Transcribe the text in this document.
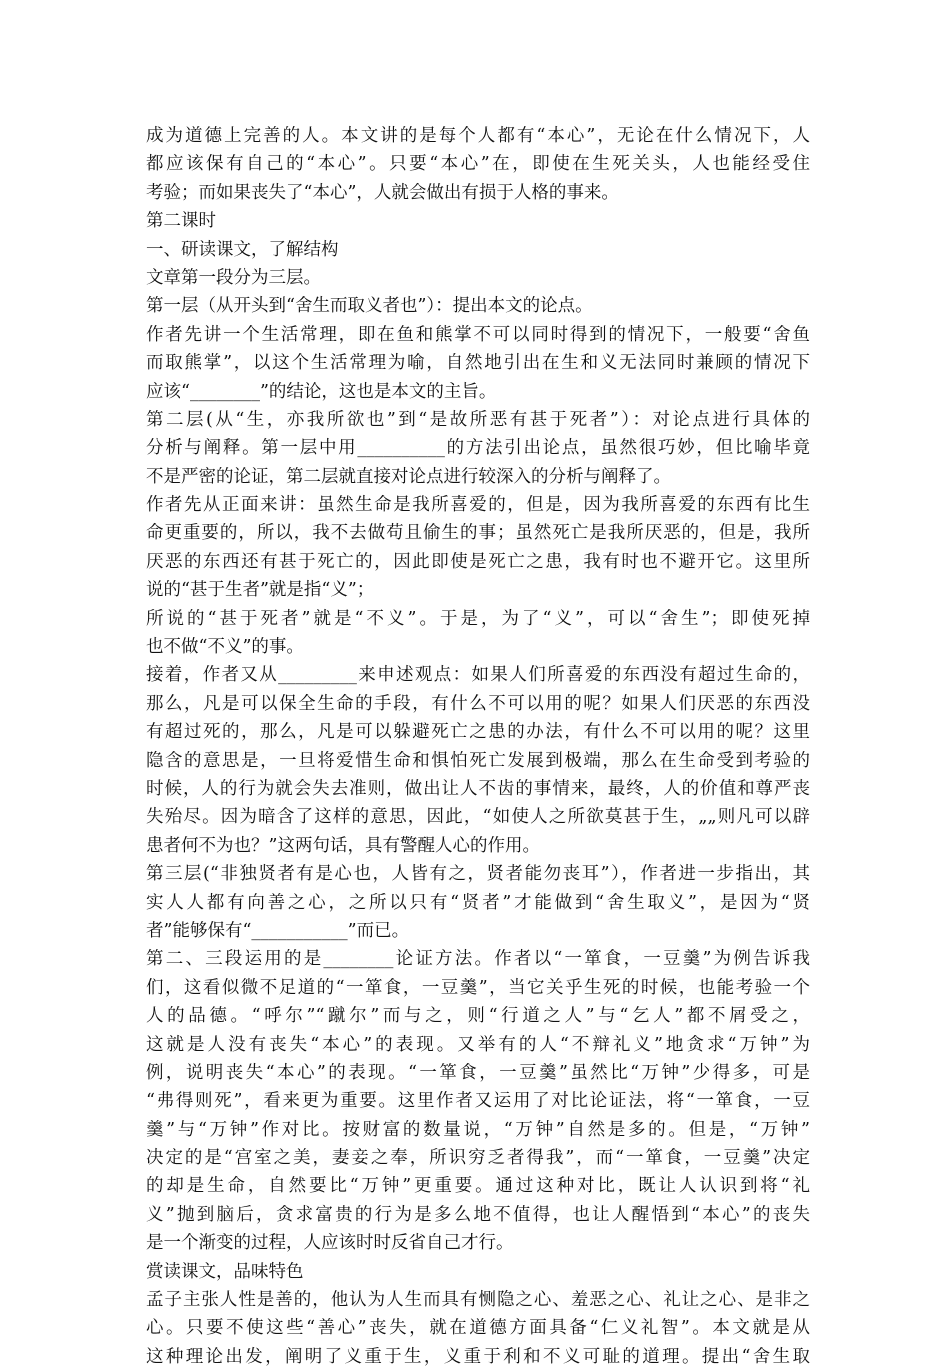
成为道德上完善的人。本文讲的是每个人都有“本心”，无论在什么情况下，人
都应该保有自己的“本心”。只要“本心”在，即使在生死关头，人也能经受住
考验；而如果丧失了“本心”，人就会做出有损于人格的事来。
第二课时
一、研读课文，了解结构
文章第一段分为三层。
第一层（从开头到“舍生而取义者也”）：提出本文的论点。
作者先讲一个生活常理，即在鱼和熊掌不可以同时得到的情况下，一般要“舍鱼
而取熊掌”，以这个生活常理为喻，自然地引出在生和义无法同时兼顾的情况下
应该“________”的结论，这也是本文的主旨。
第二层(从“生，亦我所欲也”到“是故所恶有甚于死者”）：对论点进行具体的
分析与阐释。第一层中用__________的方法引出论点，虽然很巧妙，但比喻毕竟
不是严密的论证，第二层就直接对论点进行较深入的分析与阐释了。
作者先从正面来讲：虽然生命是我所喜爱的，但是，因为我所喜爱的东西有比生
命更重要的，所以，我不去做苟且偷生的事；虽然死亡是我所厌恶的，但是，我所
厌恶的东西还有甚于死亡的，因此即使是死亡之患，我有时也不避开它。这里所
说的“甚于生者”就是指“义”；
所说的“甚于死者”就是“不义”。于是，为了“义”，可以“舍生”；即使死掉
也不做“不义”的事。
接着，作者又从_________来申述观点：如果人们所喜爱的东西没有超过生命的，
那么，凡是可以保全生命的手段，有什么不可以用的呢？如果人们厌恶的东西没
有超过死的，那么，凡是可以躲避死亡之患的办法，有什么不可以用的呢？这里
隐含的意思是，一旦将爱惜生命和惧怕死亡发展到极端，那么在生命受到考验的
时候，人的行为就会失去准则，做出让人不齿的事情来，最终，人的价值和尊严丧
失殆尽。因为暗含了这样的意思，因此，“如使人之所欲莫甚于生，„„则凡可以辟
患者何不为也？”这两句话，具有警醒人心的作用。
第三层(“非独贤者有是心也，人皆有之，贤者能勿丧耳”），作者进一步指出，其
实人人都有向善之心，之所以只有“贤者”才能做到“舍生取义”，是因为“贤
者”能够保有“___________”而已。
第二、三段运用的是________论证方法。作者以“一箪食，一豆羹”为例告诉我
们，这看似微不足道的“一箪食，一豆羹”，当它关乎生死的时候，也能考验一个
人的品德。“呼尔”“蹴尔”而与之，则“行道之人”与“乞人”都不屑受之，
这就是人没有丧失“本心”的表现。又举有的人“不辩礼义”地贪求“万钟”为
例，说明丧失“本心”的表现。“一箪食，一豆羹”虽然比“万钟”少得多，可是
“弗得则死”，看来更为重要。这里作者又运用了对比论证法，将“一箪食，一豆
羹”与“万钟”作对比。按财富的数量说，“万钟”自然是多的。但是，“万钟”
决定的是“宫室之美，妻妾之奉，所识穷乏者得我”，而“一箪食，一豆羹”决定
的却是生命，自然要比“万钟”更重要。通过这种对比，既让人认识到将“礼
义”抛到脑后，贪求富贵的行为是多么地不值得，也让人醒悟到“本心”的丧失
是一个渐变的过程，人应该时时反省自己才行。
赏读课文，品味特色
孟子主张人性是善的，他认为人生而具有恻隐之心、羞恶之心、礼让之心、是非之
心。只要不使这些“善心”丧失，就在道德方面具备“仁义礼智”。本文就是从
这种理论出发，阐明了义重于生，义重于利和不义可耻的道理。提出“舍生取
